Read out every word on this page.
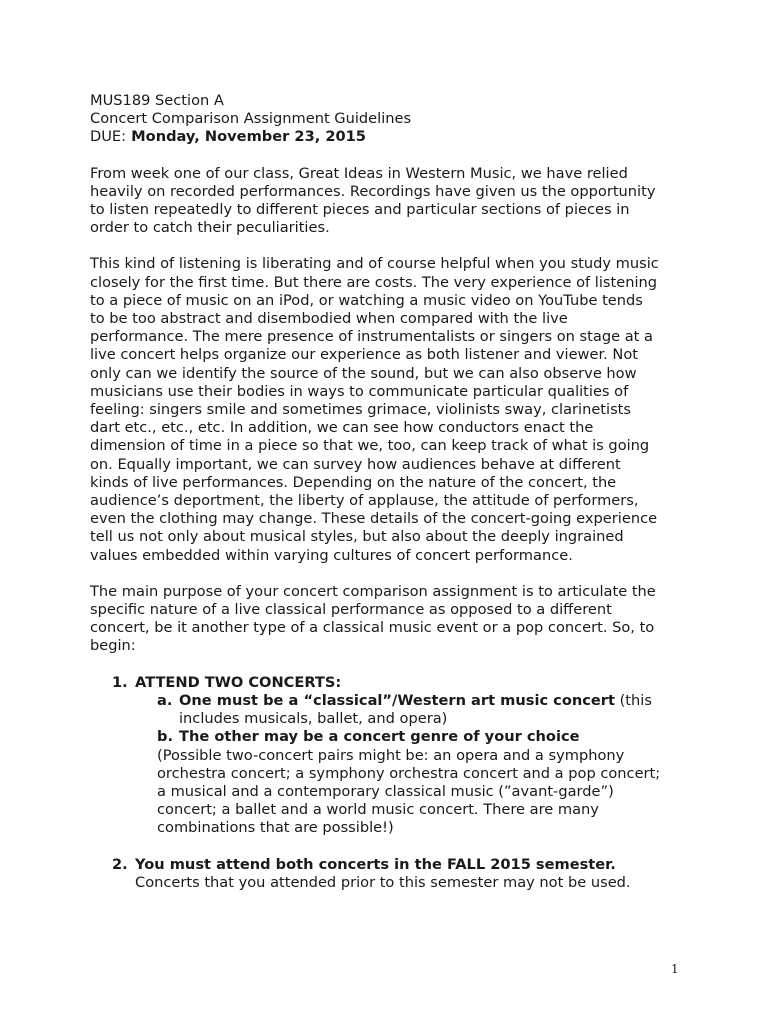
MUS189 Section A
Concert Comparison Assignment Guidelines
DUE: Monday, November 23, 2015

From week one of our class, Great Ideas in Western Music, we have relied
heavily on recorded performances. Recordings have given us the opportunity
to listen repeatedly to different pieces and particular sections of pieces in
order to catch their peculiarities.

This kind of listening is liberating and of course helpful when you study music
closely for the first time. But there are costs. The very experience of listening
to a piece of music on an iPod, or watching a music video on YouTube tends
to be too abstract and disembodied when compared with the live
performance. The mere presence of instrumentalists or singers on stage at a
live concert helps organize our experience as both listener and viewer. Not
only can we identify the source of the sound, but we can also observe how
musicians use their bodies in ways to communicate particular qualities of
feeling: singers smile and sometimes grimace, violinists sway, clarinetists
dart etc., etc., etc. In addition, we can see how conductors enact the
dimension of time in a piece so that we, too, can keep track of what is going
on. Equally important, we can survey how audiences behave at different
kinds of live performances. Depending on the nature of the concert, the
audience’s deportment, the liberty of applause, the attitude of performers,
even the clothing may change. These details of the concert-going experience
tell us not only about musical styles, but also about the deeply ingrained
values embedded within varying cultures of concert performance.

The main purpose of your concert comparison assignment is to articulate the
specific nature of a live classical performance as opposed to a different
concert, be it another type of a classical music event or a pop concert. So, to
begin:

1. ATTEND TWO CONCERTS:
a. One must be a “classical”/Western art music concert (this
includes musicals, ballet, and opera)
b. The other may be a concert genre of your choice
(Possible two-concert pairs might be: an opera and a symphony
orchestra concert; a symphony orchestra concert and a pop concert;
a musical and a contemporary classical music (”avant-garde”)
concert; a ballet and a world music concert. There are many
combinations that are possible!)
2. You must attend both concerts in the FALL 2015 semester.
Concerts that you attended prior to this semester may not be used.
1
